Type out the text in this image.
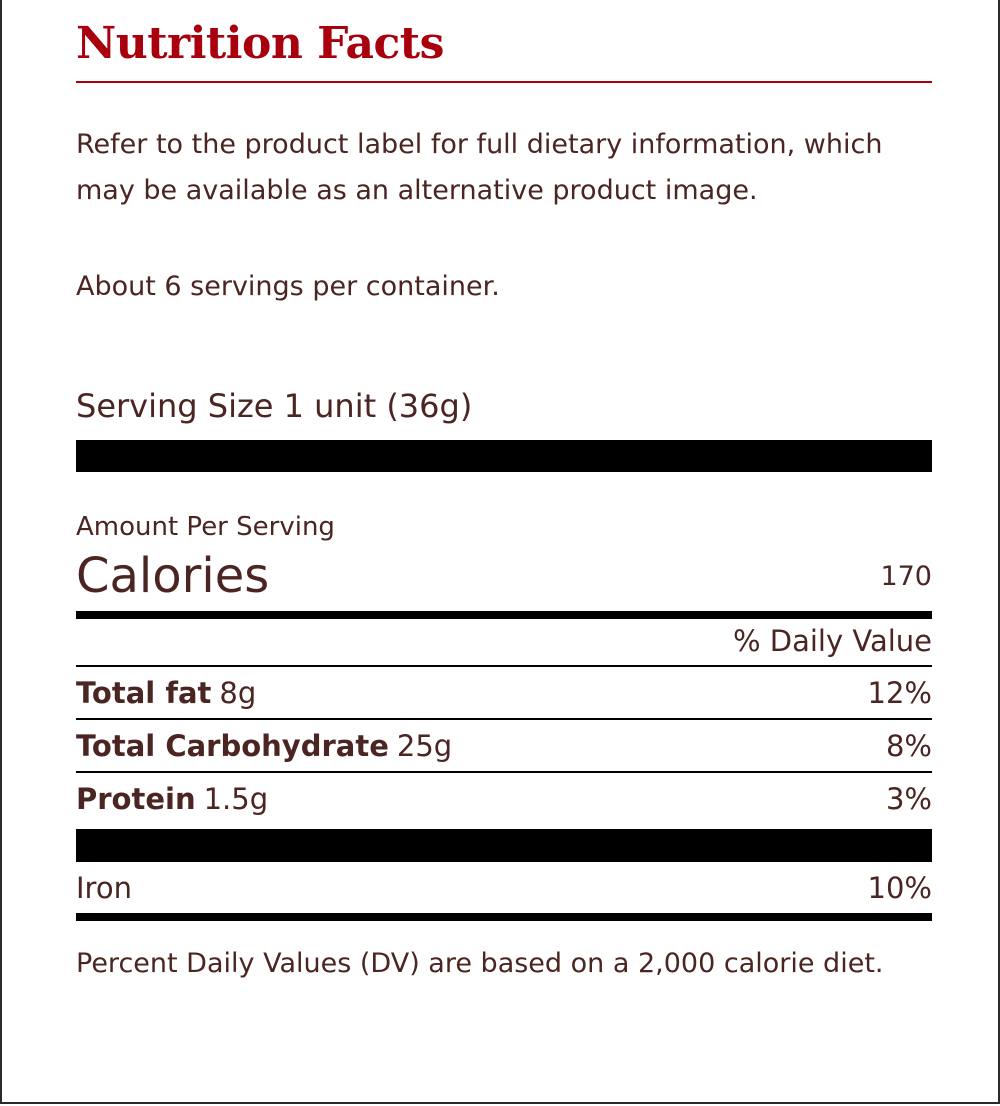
Nutrition Facts
Refer to the product label for full dietary information, which may be available as an alternative product image.
About 6 servings per container.
Serving Size 1 unit (36g)
Amount Per Serving
Calories	170
% Daily Value
Total fat 8g	12%
Total Carbohydrate 25g	8%
Protein 1.5g	3%
Iron	10%
Percent Daily Values (DV) are based on a 2,000 calorie diet.
